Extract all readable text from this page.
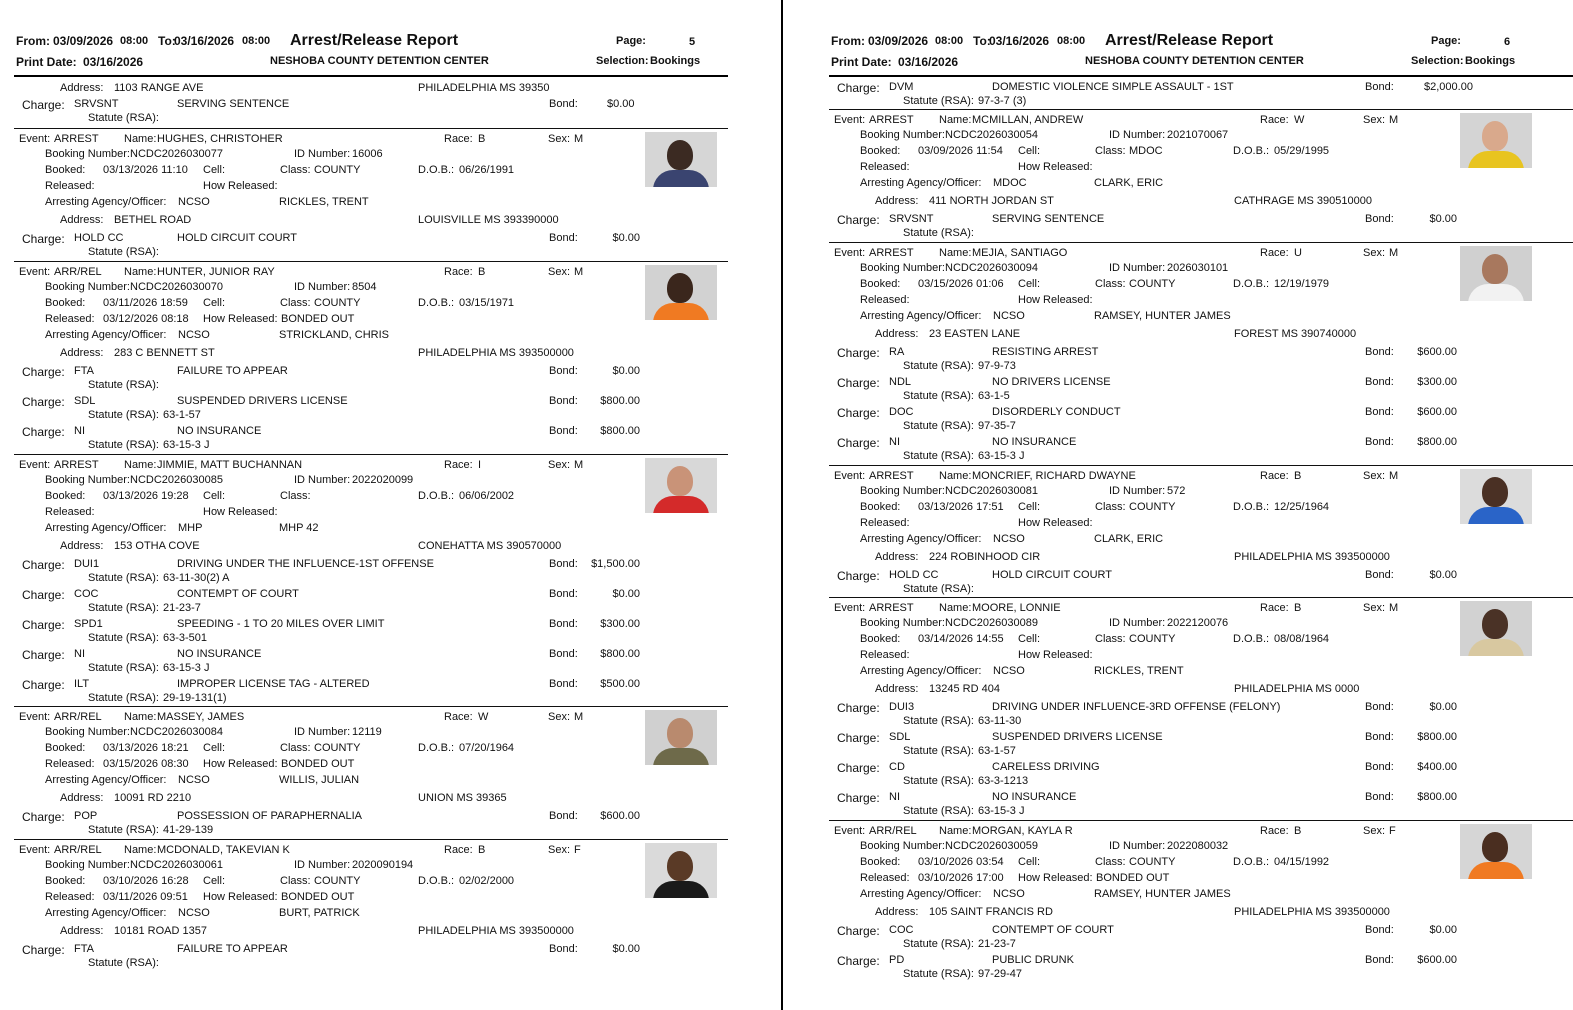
From: 03/09/2026 08:00 To:
03/16/2026 08:00 Arrest/Release Report	Page:	5
Print Date: 03/16/2026	NESHOBA COUNTY DETENTION CENTER	Selection: Bookings
Address: 1103 RANGE AVE	PHILADELPHIA MS 39350
Charge: SRVSNT	SERVING SENTENCE	Bond:	$0.00
Statute (RSA):
Event: ARREST Name: HUGHES, CHRISTOHER	Race: B	Sex: M
Booking Number: NCDC2026030077	ID Number: 16006
Booked: 03/13/2026 11:10 Cell:	Class: COUNTY	D.O.B.: 06/26/1991
Released:	How Released:
Arresting Agency/Officer: NCSO	RICKLES, TRENT
Address: BETHEL ROAD	LOUISVILLE MS 393390000
Charge: HOLD CC	HOLD CIRCUIT COURT	Bond:	$0.00
Statute (RSA):
Event: ARR/REL Name: HUNTER, JUNIOR RAY	Race: B	Sex: M
Booking Number: NCDC2026030070	ID Number: 8504
Booked: 03/11/2026 18:59 Cell:	Class: COUNTY	D.O.B.: 03/15/1971
Released: 03/12/2026 08:18 How Released: BONDED OUT
Arresting Agency/Officer: NCSO	STRICKLAND, CHRIS
Address: 283 C BENNETT ST	PHILADELPHIA MS 393500000
Charge: FTA	FAILURE TO APPEAR	Bond:	$0.00
Statute (RSA):
Charge: SDL	SUSPENDED DRIVERS LICENSE	Bond:	$800.00
Statute (RSA): 63-1-57
Charge: NI	NO INSURANCE	Bond:	$800.00
Statute (RSA): 63-15-3 J
Event: ARREST Name: JIMMIE, MATT BUCHANNAN	Race: I	Sex: M
Booking Number: NCDC2026030085	ID Number: 2022020099
Booked: 03/13/2026 19:28 Cell:	Class:	D.O.B.: 06/06/2002
Released:	How Released:
Arresting Agency/Officer: MHP	MHP 42
Address: 153 OTHA COVE	CONEHATTA MS 390570000
Charge: DUI1	DRIVING UNDER THE INFLUENCE-1ST OFFENSE	Bond:	$1,500.00
Statute (RSA): 63-11-30(2) A
Charge: COC	CONTEMPT OF COURT	Bond:	$0.00
Statute (RSA): 21-23-7
Charge: SPD1	SPEEDING - 1 TO 20 MILES OVER LIMIT	Bond:	$300.00
Statute (RSA): 63-3-501
Charge: NI	NO INSURANCE	Bond:	$800.00
Statute (RSA): 63-15-3 J
Charge: ILT	IMPROPER LICENSE TAG - ALTERED	Bond:	$500.00
Statute (RSA): 29-19-131(1)
Event: ARR/REL Name: MASSEY, JAMES	Race: W	Sex: M
Booking Number: NCDC2026030084	ID Number: 12119
Booked: 03/13/2026 18:21 Cell:	Class: COUNTY	D.O.B.: 07/20/1964
Released: 03/15/2026 08:30 How Released: BONDED OUT
Arresting Agency/Officer: NCSO	WILLIS, JULIAN
Address: 10091 RD 2210	UNION MS 39365
Charge: POP	POSSESSION OF PARAPHERNALIA	Bond:	$600.00
Statute (RSA): 41-29-139
Event: ARR/REL Name: MCDONALD, TAKEVIAN K	Race: B	Sex: F
Booking Number: NCDC2026030061	ID Number: 2020090194
Booked: 03/10/2026 16:28 Cell:	Class: COUNTY	D.O.B.: 02/02/2000
Released: 03/11/2026 09:51 How Released: BONDED OUT
Arresting Agency/Officer: NCSO	BURT, PATRICK
Address: 10181 ROAD 1357	PHILADELPHIA MS 393500000
Charge: FTA	FAILURE TO APPEAR	Bond:	$0.00
Statute (RSA):
From: 03/09/2026 08:00 To:
03/16/2026 08:00 Arrest/Release Report	Page:	6
Print Date: 03/16/2026	NESHOBA COUNTY DETENTION CENTER	Selection: Bookings
Charge: DVM	DOMESTIC VIOLENCE SIMPLE ASSAULT - 1ST	Bond:	$2,000.00
Statute (RSA): 97-3-7 (3)
Event: ARREST Name: MCMILLAN, ANDREW	Race: W	Sex: M
Booking Number: NCDC2026030054	ID Number: 2021070067
Booked: 03/09/2026 11:54 Cell:	Class: MDOC	D.O.B.: 05/29/1995
Released:	How Released:
Arresting Agency/Officer: MDOC	CLARK, ERIC
Address: 411 NORTH JORDAN ST	CATHRAGE MS 390510000
Charge: SRVSNT	SERVING SENTENCE	Bond:	$0.00
Statute (RSA):
Event: ARREST Name: MEJIA, SANTIAGO	Race: U	Sex: M
Booking Number: NCDC2026030094	ID Number: 2026030101
Booked: 03/15/2026 01:06 Cell:	Class: COUNTY	D.O.B.: 12/19/1979
Released:	How Released:
Arresting Agency/Officer: NCSO	RAMSEY, HUNTER JAMES
Address: 23 EASTEN LANE	FOREST MS 390740000
Charge: RA	RESISTING ARREST	Bond:	$600.00
Statute (RSA): 97-9-73
Charge: NDL	NO DRIVERS LICENSE	Bond:	$300.00
Statute (RSA): 63-1-5
Charge: DOC	DISORDERLY CONDUCT	Bond:	$600.00
Statute (RSA): 97-35-7
Charge: NI	NO INSURANCE	Bond:	$800.00
Statute (RSA): 63-15-3 J
Event: ARREST Name: MONCRIEF, RICHARD DWAYNE	Race: B	Sex: M
Booking Number: NCDC2026030081	ID Number: 572
Booked: 03/13/2026 17:51 Cell:	Class: COUNTY	D.O.B.: 12/25/1964
Released:	How Released:
Arresting Agency/Officer: NCSO	CLARK, ERIC
Address: 224 ROBINHOOD CIR	PHILADELPHIA MS 393500000
Charge: HOLD CC	HOLD CIRCUIT COURT	Bond:	$0.00
Statute (RSA):
Event: ARREST Name: MOORE, LONNIE	Race: B	Sex: M
Booking Number: NCDC2026030089	ID Number: 2022120076
Booked: 03/14/2026 14:55 Cell:	Class: COUNTY	D.O.B.: 08/08/1964
Released:	How Released:
Arresting Agency/Officer: NCSO	RICKLES, TRENT
Address: 13245 RD 404	PHILADELPHIA MS 0000
Charge: DUI3	DRIVING UNDER INFLUENCE-3RD OFFENSE (FELONY)	Bond:	$0.00
Statute (RSA): 63-11-30
Charge: SDL	SUSPENDED DRIVERS LICENSE	Bond:	$800.00
Statute (RSA): 63-1-57
Charge: CD	CARELESS DRIVING	Bond:	$400.00
Statute (RSA): 63-3-1213
Charge: NI	NO INSURANCE	Bond:	$800.00
Statute (RSA): 63-15-3 J
Event: ARR/REL Name: MORGAN, KAYLA R	Race: B	Sex: F
Booking Number: NCDC2026030059	ID Number: 2022080032
Booked: 03/10/2026 03:54 Cell:	Class: COUNTY	D.O.B.: 04/15/1992
Released: 03/10/2026 17:00 How Released: BONDED OUT
Arresting Agency/Officer: NCSO	RAMSEY, HUNTER JAMES
Address: 105 SAINT FRANCIS RD	PHILADELPHIA MS 393500000
Charge: COC	CONTEMPT OF COURT	Bond:	$0.00
Statute (RSA): 21-23-7
Charge: PD	PUBLIC DRUNK	Bond:	$600.00
Statute (RSA): 97-29-47
